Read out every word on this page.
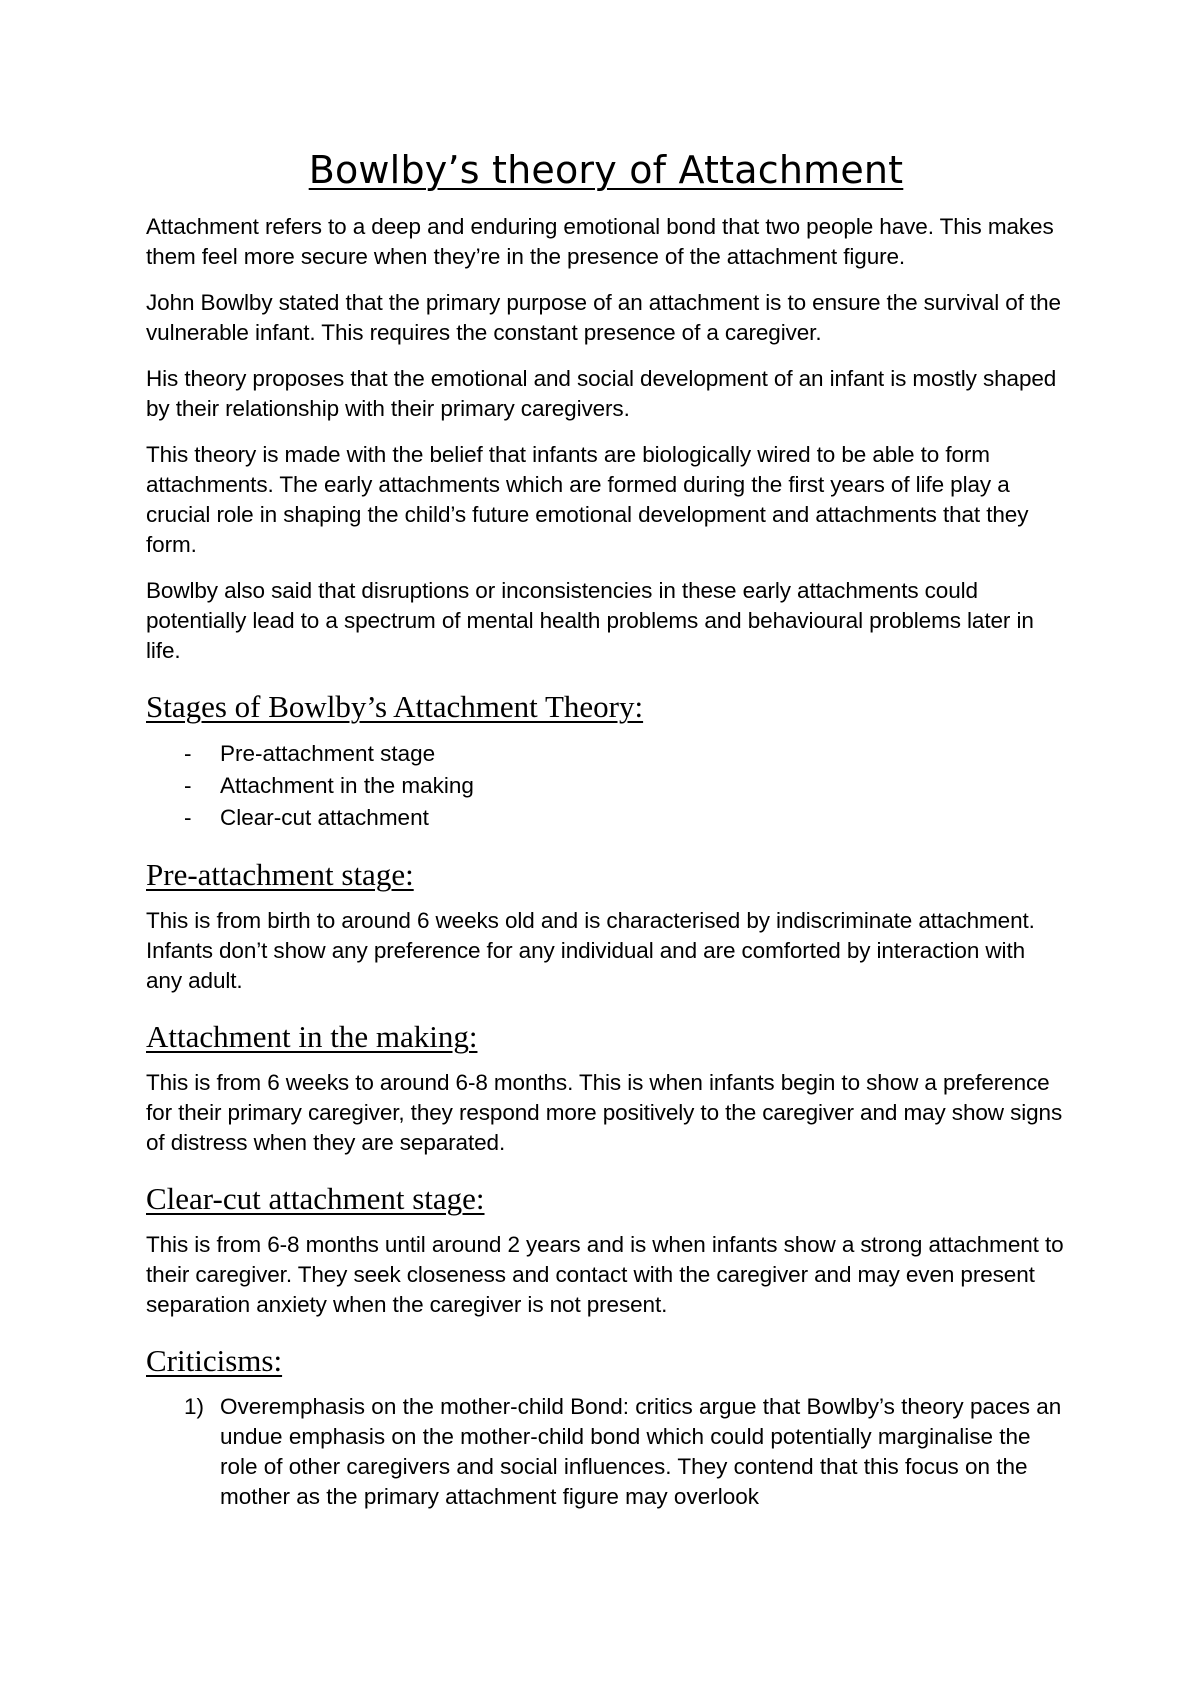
Bowlby’s theory of Attachment

Attachment refers to a deep and enduring emotional bond that two people have. This makes them feel more secure when they’re in the presence of the attachment figure.

John Bowlby stated that the primary purpose of an attachment is to ensure the survival of the vulnerable infant. This requires the constant presence of a caregiver.

His theory proposes that the emotional and social development of an infant is mostly shaped by their relationship with their primary caregivers.

This theory is made with the belief that infants are biologically wired to be able to form attachments. The early attachments which are formed during the first years of life play a crucial role in shaping the child’s future emotional development and attachments that they form.

Bowlby also said that disruptions or inconsistencies in these early attachments could potentially lead to a spectrum of mental health problems and behavioural problems later in life.

Stages of Bowlby’s Attachment Theory:
- Pre-attachment stage
- Attachment in the making
- Clear-cut attachment
Pre-attachment stage:

This is from birth to around 6 weeks old and is characterised by indiscriminate attachment. Infants don’t show any preference for any individual and are comforted by interaction with any adult.

Attachment in the making:

This is from 6 weeks to around 6-8 months. This is when infants begin to show a preference for their primary caregiver, they respond more positively to the caregiver and may show signs of distress when they are separated.

Clear-cut attachment stage:

This is from 6-8 months until around 2 years and is when infants show a strong attachment to their caregiver. They seek closeness and contact with the caregiver and may even present separation anxiety when the caregiver is not present.

Criticisms:
1) Overemphasis on the mother-child Bond: critics argue that Bowlby’s theory paces an undue emphasis on the mother-child bond which could potentially marginalise the role of other caregivers and social influences. They contend that this focus on the mother as the primary attachment figure may overlook
